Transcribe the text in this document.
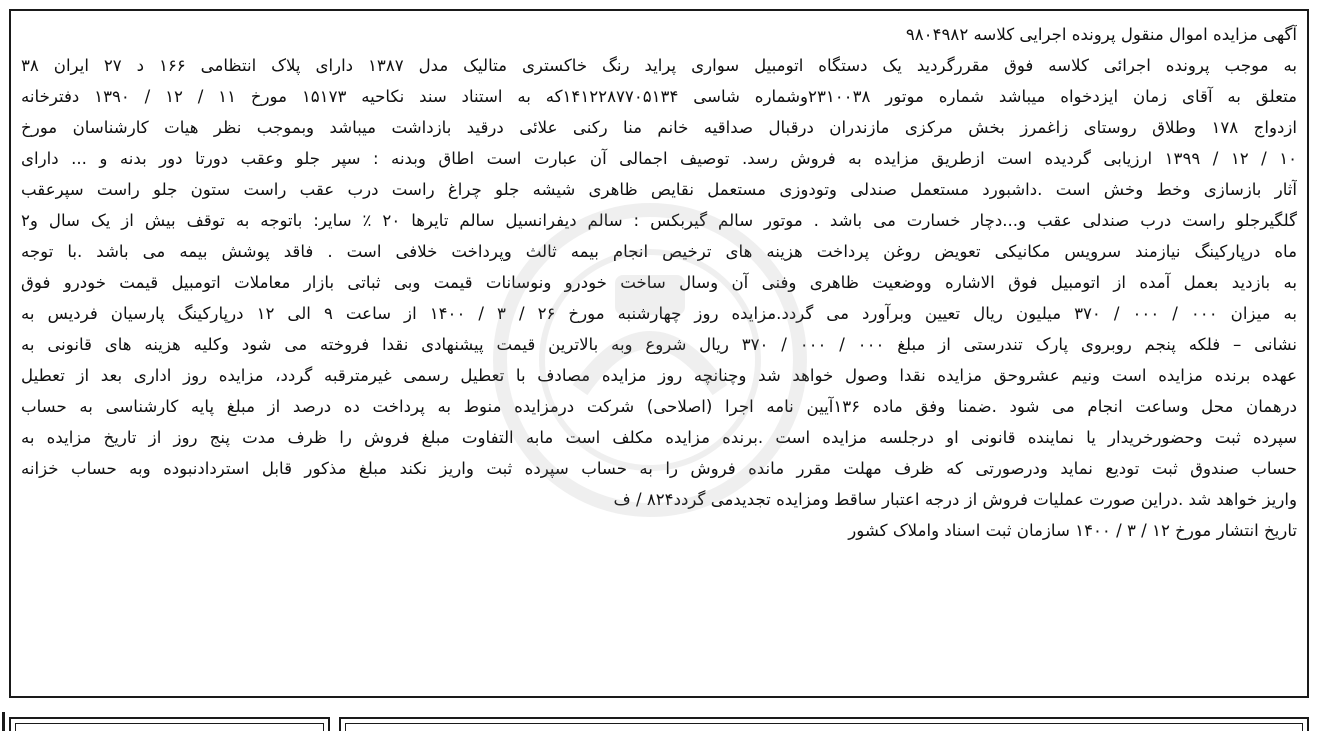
آگهی مزایده اموال منقول پرونده اجرایی کلاسه ۹۸۰۴۹۸۲
به موجب پرونده اجرائی کلاسه فوق مقررگردید یک دستگاه اتومبیل سواری پراید رنگ خاکستری متالیک مدل ۱۳۸۷ دارای پلاک انتظامی ۱۶۶ د ۲۷ ایران ۳۸
متعلق به آقای زمان ایزدخواه میباشد شماره موتور ۲۳۱۰۰۳۸وشماره شاسی ۱۴۱۲۲۸۷۷۰۵۱۳۴که به استناد سند نکاحیه ۱۵۱۷۳ مورخ ۱۱ / ۱۲ / ۱۳۹۰ دفترخانه
ازدواج ۱۷۸ وطلاق روستای زاغمرز بخش مرکزی مازندران درقبال صداقیه خانم منا رکنی علائی درقید بازداشت میباشد وبموجب نظر هیات کارشناسان مورخ
۱۰ / ۱۲ / ۱۳۹۹ ارزیابی گردیده است ازطریق مزایده به فروش رسد. توصیف اجمالی آن عبارت است اطاق وبدنه : سپر جلو وعقب دورتا دور بدنه و ... دارای
آثار بازسازی وخط وخش است .داشبورد مستعمل صندلی وتودوزی مستعمل نقایص ظاهری شیشه جلو چراغ راست درب عقب راست ستون جلو راست سپرعقب
گلگیرجلو راست درب صندلی عقب و...دچار خسارت می باشد . موتور سالم گیربکس : سالم دیفرانسیل سالم تایرها ۲۰ ٪ سایر: باتوجه به توقف بیش از یک سال و۲
ماه درپارکینگ نیازمند سرویس مکانیکی تعویض روغن پرداخت هزینه های ترخیص انجام بیمه ثالث وپرداخت خلافی است . فاقد پوشش بیمه می باشد .با توجه
به بازدید بعمل آمده از اتومبیل فوق الاشاره ووضعیت ظاهری وفنی آن وسال ساخت خودرو ونوسانات قیمت وبی ثباتی بازار معاملات اتومبیل قیمت خودرو فوق
به میزان ۰۰۰ / ۰۰۰ / ۳۷۰ میلیون ریال تعیین وبرآورد می گردد.مزایده روز چهارشنبه مورخ ۲۶ / ۳ / ۱۴۰۰ از ساعت ۹ الی ۱۲ درپارکینگ پارسیان فردیس به
نشانی – فلکه پنجم روبروی پارک تندرستی از مبلغ ۰۰۰ / ۰۰۰ / ۳۷۰ ریال شروع وبه بالاترین قیمت پیشنهادی نقدا فروخته می شود وکلیه هزینه های قانونی به
عهده برنده مزایده است ونیم عشروحق مزایده نقدا وصول خواهد شد وچنانچه روز مزایده مصادف با تعطیل رسمی غیرمترقبه گردد، مزایده روز اداری بعد از تعطیل
درهمان محل وساعت انجام می شود .ضمنا وفق ماده ۱۳۶آیین نامه اجرا (اصلاحی) شرکت درمزایده منوط به پرداخت ده درصد از مبلغ پایه کارشناسی به حساب
سپرده ثبت وحضورخریدار یا نماینده قانونی او درجلسه مزایده است .برنده مزایده مکلف است مابه التفاوت مبلغ فروش را ظرف مدت پنج روز از تاریخ مزایده به
حساب صندوق ثبت تودیع نماید ودرصورتی که ظرف مهلت مقرر مانده فروش را به حساب سپرده ثبت واریز نکند مبلغ مذکور قابل استردادنبوده وبه حساب خزانه
واریز خواهد شد .دراین صورت عملیات فروش از درجه اعتبار ساقط ومزایده تجدیدمی گردد۸۲۴ / ف
تاریخ انتشار مورخ ۱۲ / ۳ / ۱۴۰۰ سازمان ثبت اسناد واملاک کشور
